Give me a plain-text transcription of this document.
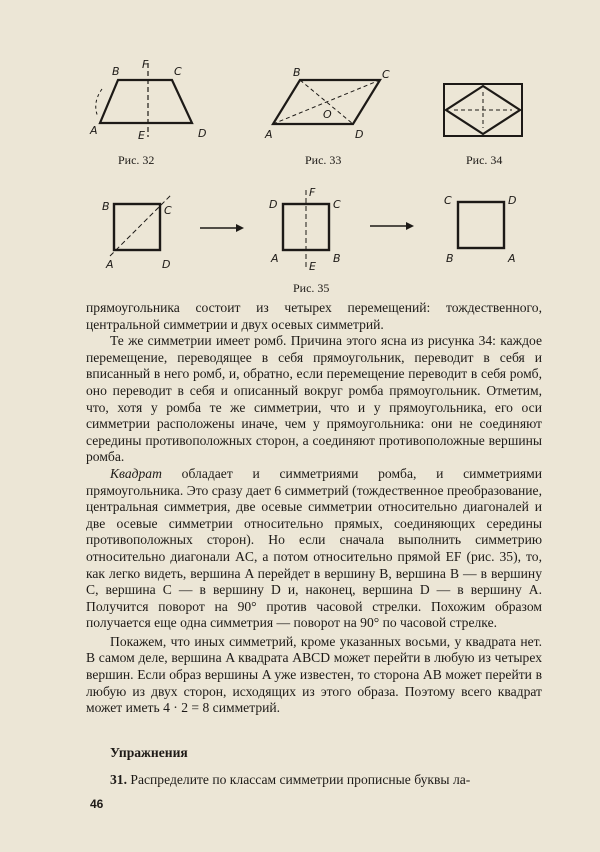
B
F
C
A	E	D
Рис. 32
B	C
O
A	D
Рис. 33	Рис. 34
B	C
A	D
D
F
C
A
E
B
C	D
B	A
Рис. 35

прямоугольника состоит из четырех перемещений: тождественного, центральной симметрии и двух осевых симметрий.

Те же симметрии имеет ромб. Причина этого ясна из рисунка 34: каждое перемещение, переводящее в себя прямоугольник, переводит в себя и вписанный в него ромб, и, обратно, если перемещение переводит в себя ромб, оно переводит в себя и описанный вокруг ромба прямоугольник. Отметим, что, хотя у ромба те же симметрии, что и у прямоугольника, его оси симметрии расположены иначе, чем у прямоугольника: они не соединяют середины противоположных сторон, а соединяют противоположные вершины ромба.

Квадрат обладает и симметриями ромба, и симметриями прямоугольника. Это сразу дает 6 симметрий (тождественное преобразование, центральная симметрия, две осевые симметрии относительно диагоналей и две осевые симметрии относительно прямых, соединяющих середины противоположных сторон). Но если сначала выполнить симметрию относительно диагонали AC, а потом относительно прямой EF (рис. 35), то, как легко видеть, вершина A перейдет в вершину B, вершина B — в вершину C, вершина C — в вершину D и, наконец, вершина D — в вершину A. Получится поворот на 90° против часовой стрелки. Похожим образом получается еще одна симметрия — поворот на 90° по часовой стрелке.

Покажем, что иных симметрий, кроме указанных восьми, у квадрата нет. В самом деле, вершина A квадрата ABCD может перейти в любую из четырех вершин. Если образ вершины A уже известен, то сторона AB может перейти в любую из двух сторон, исходящих из этого образа. Поэтому всего квадрат может иметь 4 · 2 = 8 симметрий.

Упражнения
31. Распределите по классам симметрии прописные буквы ла-
46
